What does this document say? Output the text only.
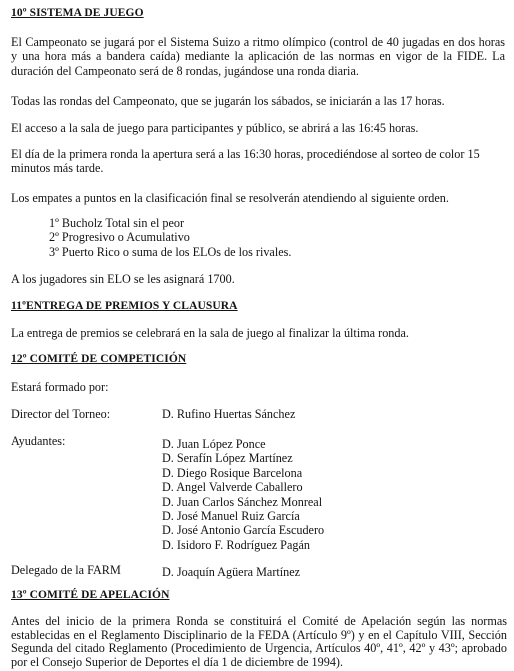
10º SISTEMA DE JUEGO

El Campeonato se jugará por el Sistema Suizo a ritmo olímpico (control de 40 jugadas en dos horas y una hora más a bandera caída) mediante la aplicación de las normas en vigor de la FIDE. La duración del Campeonato será de 8 rondas, jugándose una ronda diaria.

Todas las rondas del Campeonato, que se jugarán los sábados, se iniciarán a las 17 horas.

El acceso a la sala de juego para participantes y público, se abrirá a las 16:45 horas.

El día de la primera ronda la apertura será a las 16:30 horas, procediéndose al sorteo de color 15 minutos más tarde.

Los empates a puntos en la clasificación final se resolverán atendiendo al siguiente orden.

1º Bucholz Total sin el peor
2º Progresivo o Acumulativo
3º Puerto Rico o suma de los ELOs de los rivales.

A los jugadores sin ELO se les asignará 1700.

11ºENTREGA DE PREMIOS Y CLAUSURA

La entrega de premios se celebrará en la sala de juego al finalizar la última ronda.

12º COMITÉ DE COMPETICIÓN

Estará formado por:

Director del Torneo:	D. Rufino Huertas Sánchez
Ayudantes:	D. Juan López Ponce
D. Serafín López Martínez
D. Diego Rosique Barcelona
D. Angel Valverde Caballero
D. Juan Carlos Sánchez Monreal
D. José Manuel Ruiz García
D. José Antonio García Escudero
D. Isidoro F. Rodríguez Pagán
Delegado de la FARM	D. Joaquín Agüera Martínez
13º COMITÉ DE APELACIÓN

Antes del inicio de la primera Ronda se constituirá el Comité de Apelación según las normas establecidas en el Reglamento Disciplinario de la FEDA (Artículo 9º) y en el Capítulo VIII, Sección Segunda del citado Reglamento (Procedimiento de Urgencia, Artículos 40º, 41º, 42º y 43º; aprobado por el Consejo Superior de Deportes el día 1 de diciembre de 1994).
